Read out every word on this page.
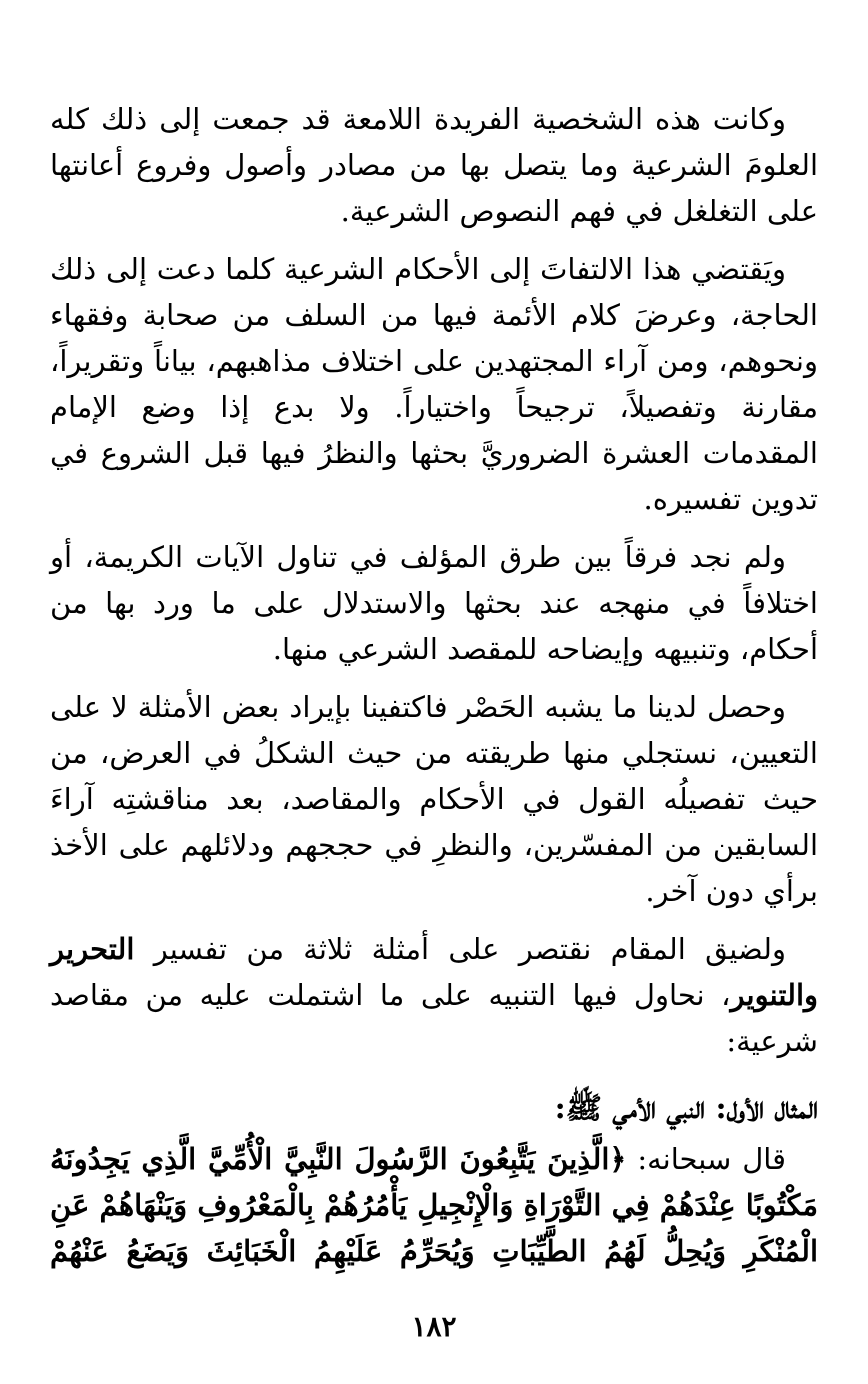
وكانت هذه الشخصية الفريدة اللامعة قد جمعت إلى ذلك كله العلومَ الشرعية وما يتصل بها من مصادر وأصول وفروع أعانتها على التغلغل في فهم النصوص الشرعية.

ويَقتضي هذا الالتفاتَ إلى الأحكام الشرعية كلما دعت إلى ذلك الحاجة، وعرضَ كلام الأئمة فيها من السلف من صحابة وفقهاء ونحوهم، ومن آراء المجتهدين على اختلاف مذاهبهم، بياناً وتقريراً، مقارنة وتفصيلاً، ترجيحاً واختياراً. ولا بدع إذا وضع الإمام المقدمات العشرة الضروريَّ بحثها والنظرُ فيها قبل الشروع في تدوين تفسيره.

ولم نجد فرقاً بين طرق المؤلف في تناول الآيات الكريمة، أو اختلافاً في منهجه عند بحثها والاستدلال على ما ورد بها من أحكام، وتنبيهه وإيضاحه للمقصد الشرعي منها.

وحصل لدينا ما يشبه الحَصْر فاكتفينا بإيراد بعض الأمثلة لا على التعيين، نستجلي منها طريقته من حيث الشكلُ في العرض، من حيث تفصيلُه القول في الأحكام والمقاصد، بعد مناقشتِه آراءَ السابقين من المفسّرين، والنظرِ في حججهم ودلائلهم على الأخذ برأي دون آخر.

ولضيق المقام نقتصر على أمثلة ثلاثة من تفسير التحرير والتنوير، نحاول فيها التنبيه على ما اشتملت عليه من مقاصد شرعية:

المثال الأول: النبي الأمي ﷺ:
قال سبحانه: ﴿الَّذِينَ يَتَّبِعُونَ الرَّسُولَ النَّبِيَّ الْأُمِّيَّ الَّذِي يَجِدُونَهُ مَكْتُوبًا عِنْدَهُمْ فِي التَّوْرَاةِ وَالْإِنْجِيلِ يَأْمُرُهُمْ بِالْمَعْرُوفِ وَيَنْهَاهُمْ عَنِ الْمُنْكَرِ وَيُحِلُّ لَهُمُ الطَّيِّبَاتِ وَيُحَرِّمُ عَلَيْهِمُ الْخَبَائِثَ وَيَضَعُ عَنْهُمْ
١٨٢
